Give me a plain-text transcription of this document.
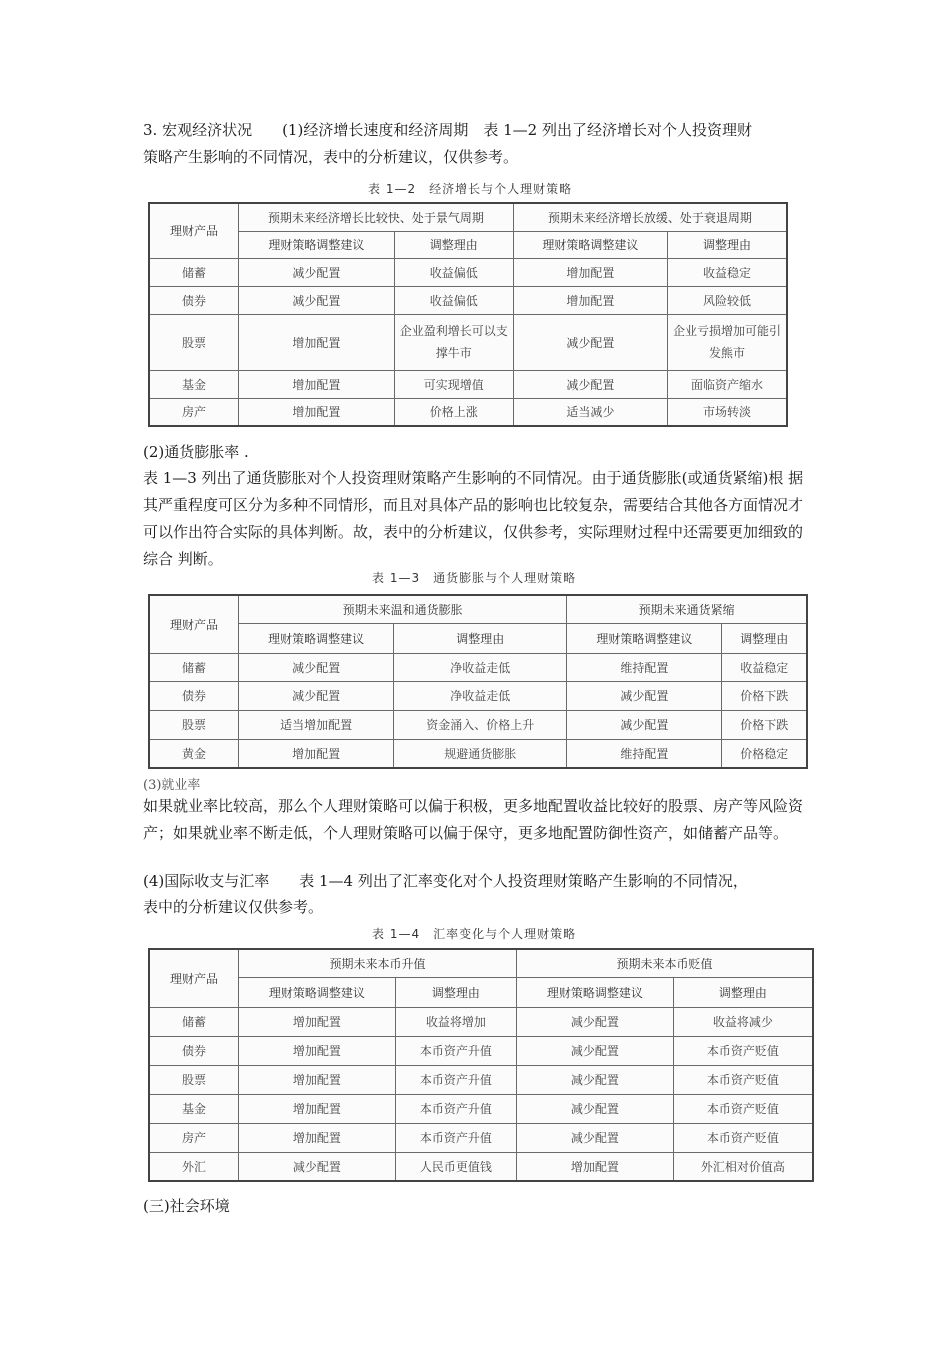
3. 宏观经济状况　　(1)经济增长速度和经济周期　表 1—2 列出了经济增长对个人投资理财

策略产生影响的不同情况，表中的分析建议，仅供参考。

表 1—2　经济增长与个人理财策略
理财产品	预期未来经济增长比较快、处于景气周期		预期未来经济增长放缓、处于衰退周期	
	理财策略调整建议	调整理由	理财策略调整建议	调整理由
储蓄	减少配置	收益偏低	增加配置	收益稳定
债券	减少配置	收益偏低	增加配置	风险较低
股票	增加配置	企业盈利增长可以支撑牛市	减少配置	企业亏损增加可能引发熊市
基金	增加配置	可实现增值	减少配置	面临资产缩水
房产	增加配置	价格上涨	适当减少	市场转淡

(2)通货膨胀率 .

表 1—3 列出了通货膨胀对个人投资理财策略产生影响的不同情况。由于通货膨胀(或通货紧缩)根 据其严重程度可区分为多种不同情形，而且对具体产品的影响也比较复杂，需要结合其他各方面情况才 可以作出符合实际的具体判断。故，表中的分析建议，仅供参考，实际理财过程中还需要更加细致的综合 判断。

表 1—3　通货膨胀与个人理财策略
理财产品	预期未来温和通货膨胀		预期未来通货紧缩	
	理财策略调整建议	调整理由	理财策略调整建议	调整理由
储蓄	减少配置	净收益走低	维持配置	收益稳定
债券	减少配置	净收益走低	减少配置	价格下跌
股票	适当增加配置	资金涌入、价格上升	减少配置	价格下跌
黄金	增加配置	规避通货膨胀	维持配置	价格稳定

(3)就业率

如果就业率比较高，那么个人理财策略可以偏于积极，更多地配置收益比较好的股票、房产等风险资产；如果就业率不断走低，个人理财策略可以偏于保守，更多地配置防御性资产，如储蓄产品等。

(4)国际收支与汇率　　表 1—4 列出了汇率变化对个人投资理财策略产生影响的不同情况，

表中的分析建议仅供参考。

表 1—4　汇率变化与个人理财策略
理财产品	预期未来本币升值		预期未来本币贬值	
	理财策略调整建议	调整理由	理财策略调整建议	调整理由
储蓄	增加配置	收益将增加	减少配置	收益将减少
债券	增加配置	本币资产升值	减少配置	本币资产贬值
股票	增加配置	本币资产升值	减少配置	本币资产贬值
基金	增加配置	本币资产升值	减少配置	本币资产贬值
房产	增加配置	本币资产升值	减少配置	本币资产贬值
外汇	减少配置	人民币更值钱	增加配置	外汇相对价值高

(三)社会环境
